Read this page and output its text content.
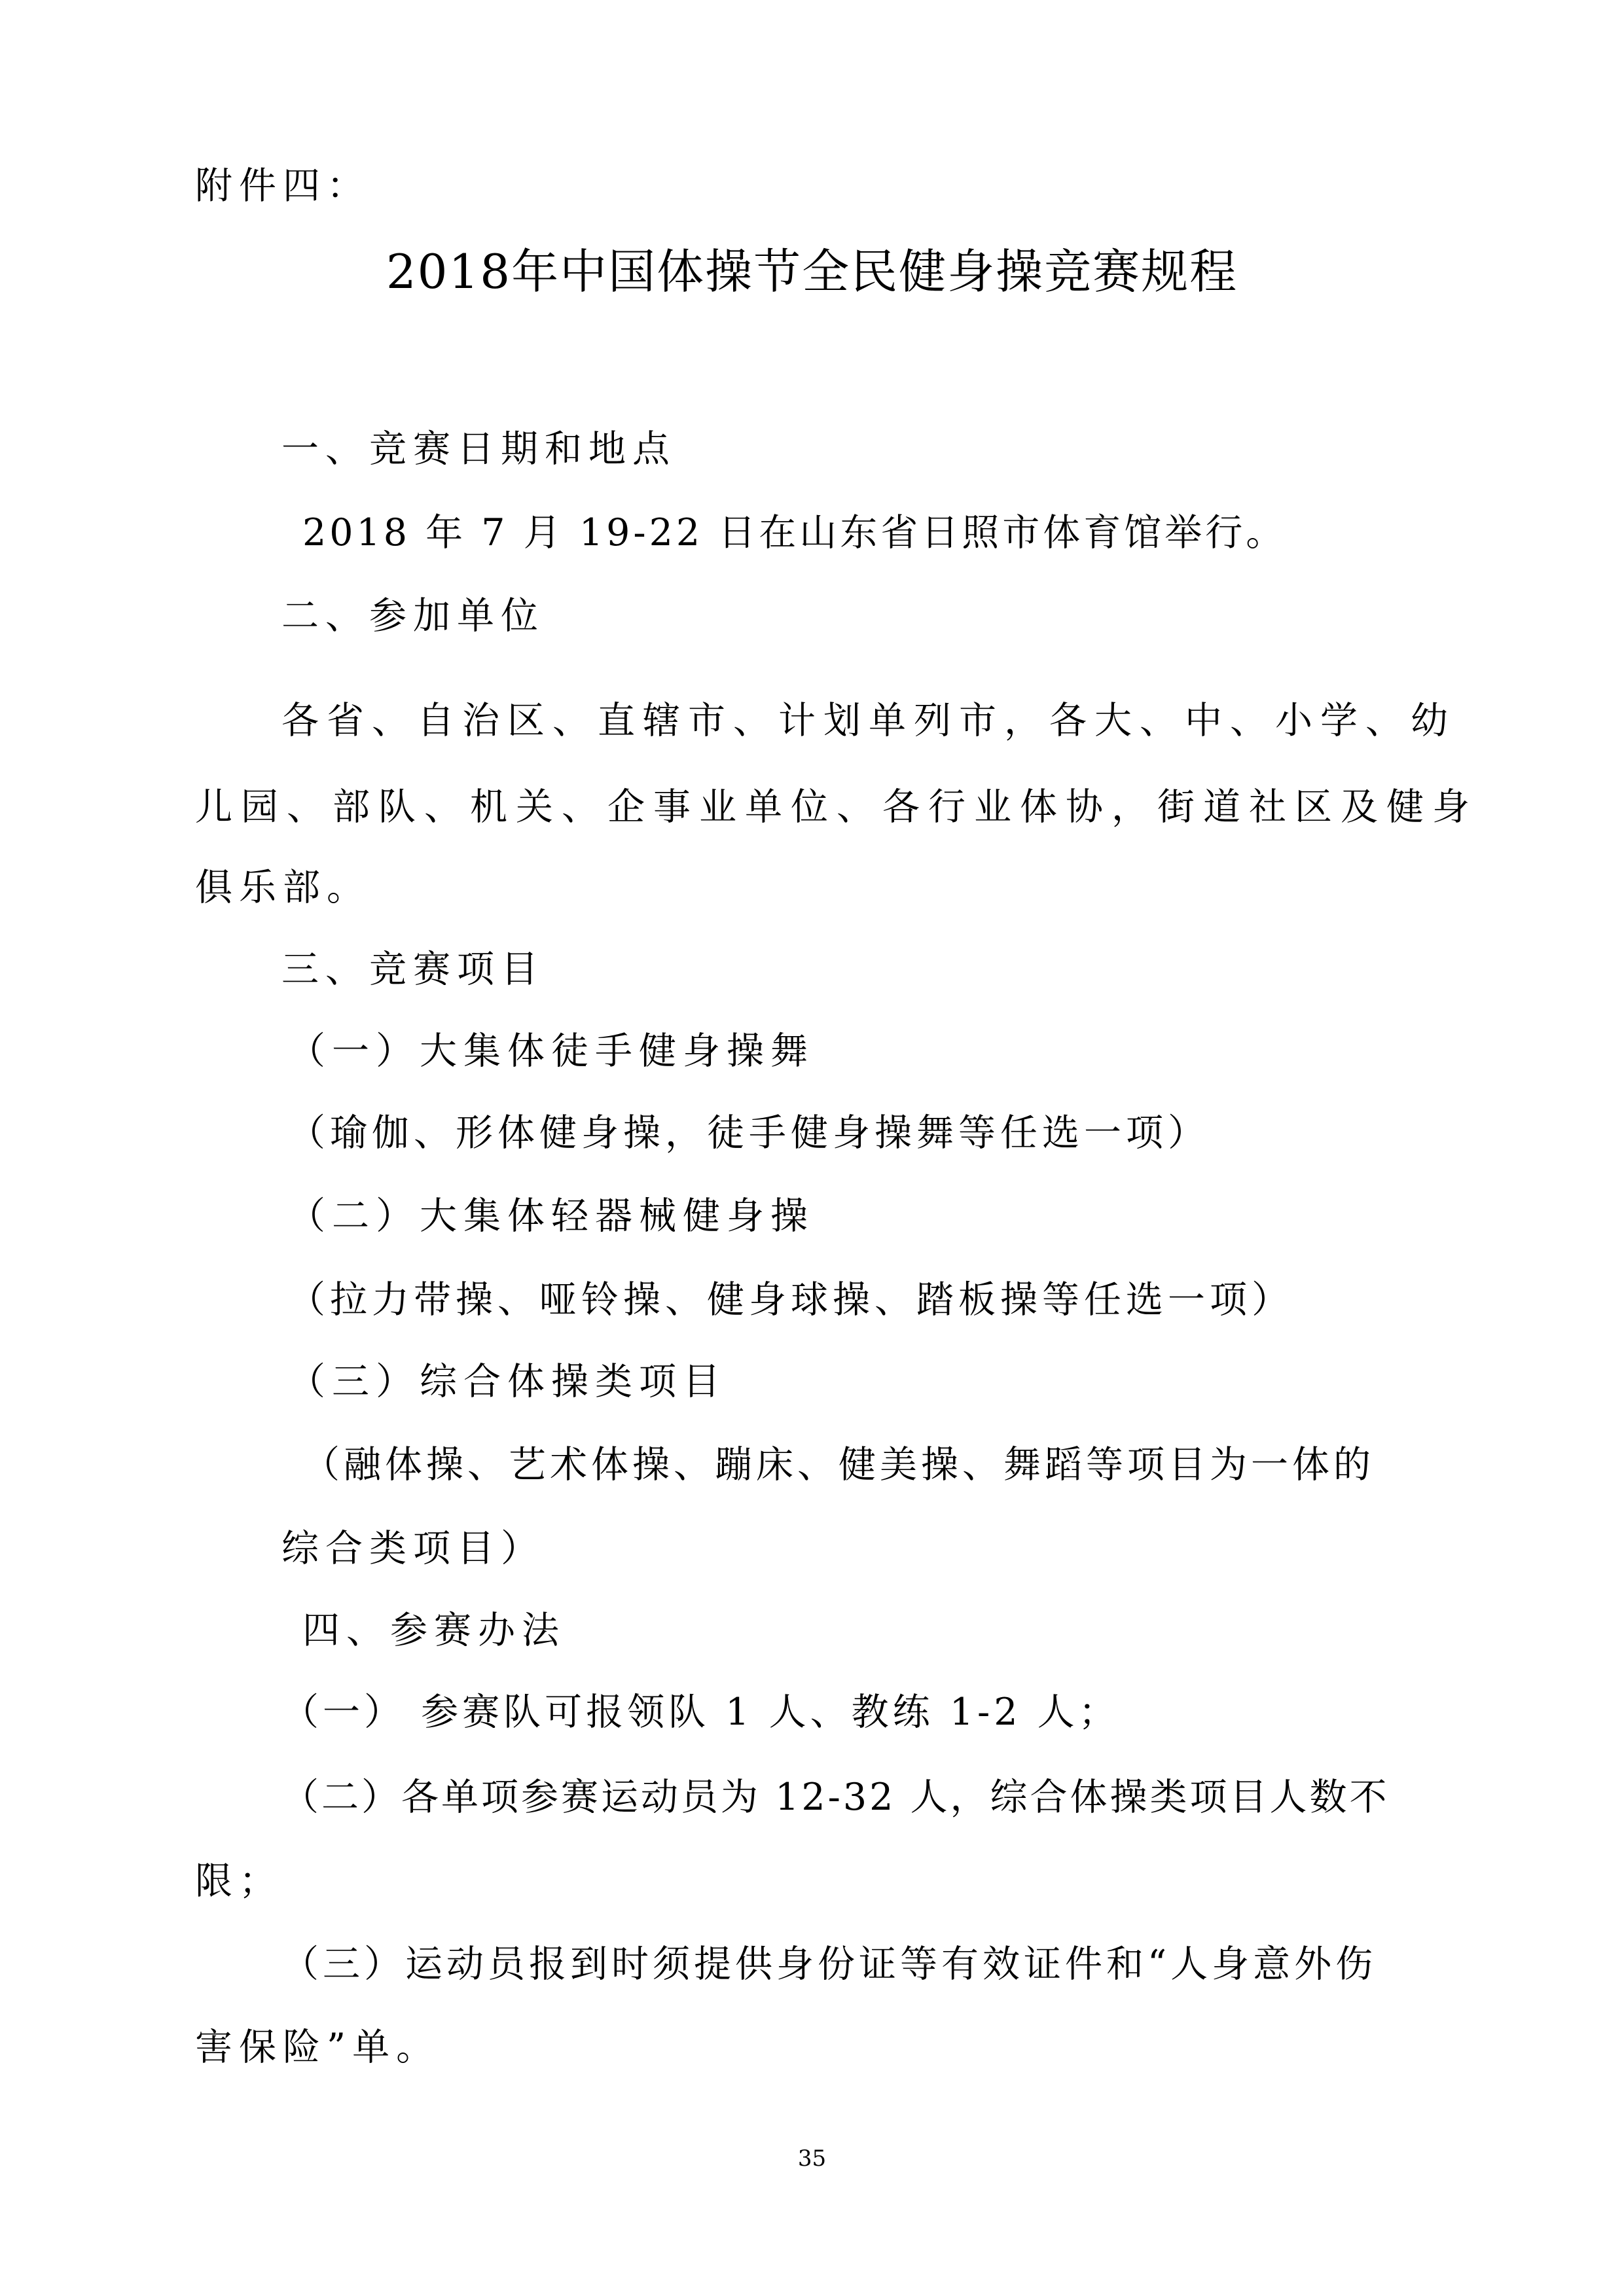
附件四：
2018年中国体操节全民健身操竞赛规程
一、竞赛日期和地点
2018 年 7 月 19-22 日在山东省日照市体育馆举行。
二、参加单位
各省、自治区、直辖市、计划单列市，各大、中、小学、幼
儿园、部队、机关、企事业单位、各行业体协，街道社区及健身
俱乐部。
三、竞赛项目
（一）大集体徒手健身操舞
（瑜伽、形体健身操，徒手健身操舞等任选一项）
（二）大集体轻器械健身操
（拉力带操、哑铃操、健身球操、踏板操等任选一项）
（三）综合体操类项目
（融体操、艺术体操、蹦床、健美操、舞蹈等项目为一体的
综合类项目）
四、参赛办法
（一） 参赛队可报领队 1 人、教练 1-2 人；
（二）各单项参赛运动员为 12-32 人，综合体操类项目人数不
限；
（三）运动员报到时须提供身份证等有效证件和“人身意外伤
害保险”单。
35
